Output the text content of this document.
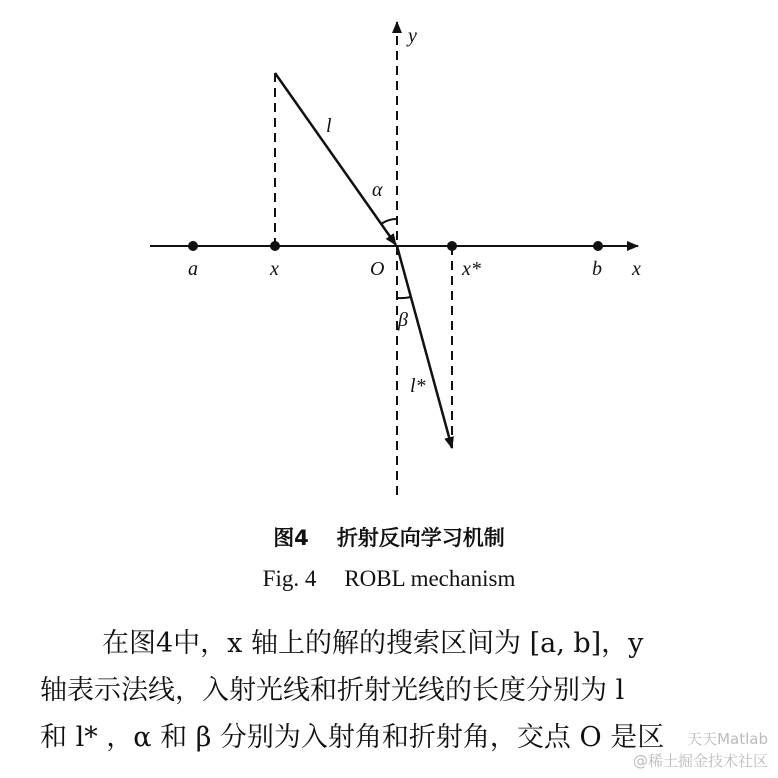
a	x	O	x*	b x
y
l
l*
α
β
图4 折射反向学习机制
Fig. 4 ROBL mechanism

在图4中，x 轴上的解的搜索区间为 [a, b]，y

轴表示法线，入射光线和折射光线的长度分别为 l

和 l* ，α 和 β 分别为入射角和折射角，交点 O 是区	天天Matlab
@稀土掘金技术社区
